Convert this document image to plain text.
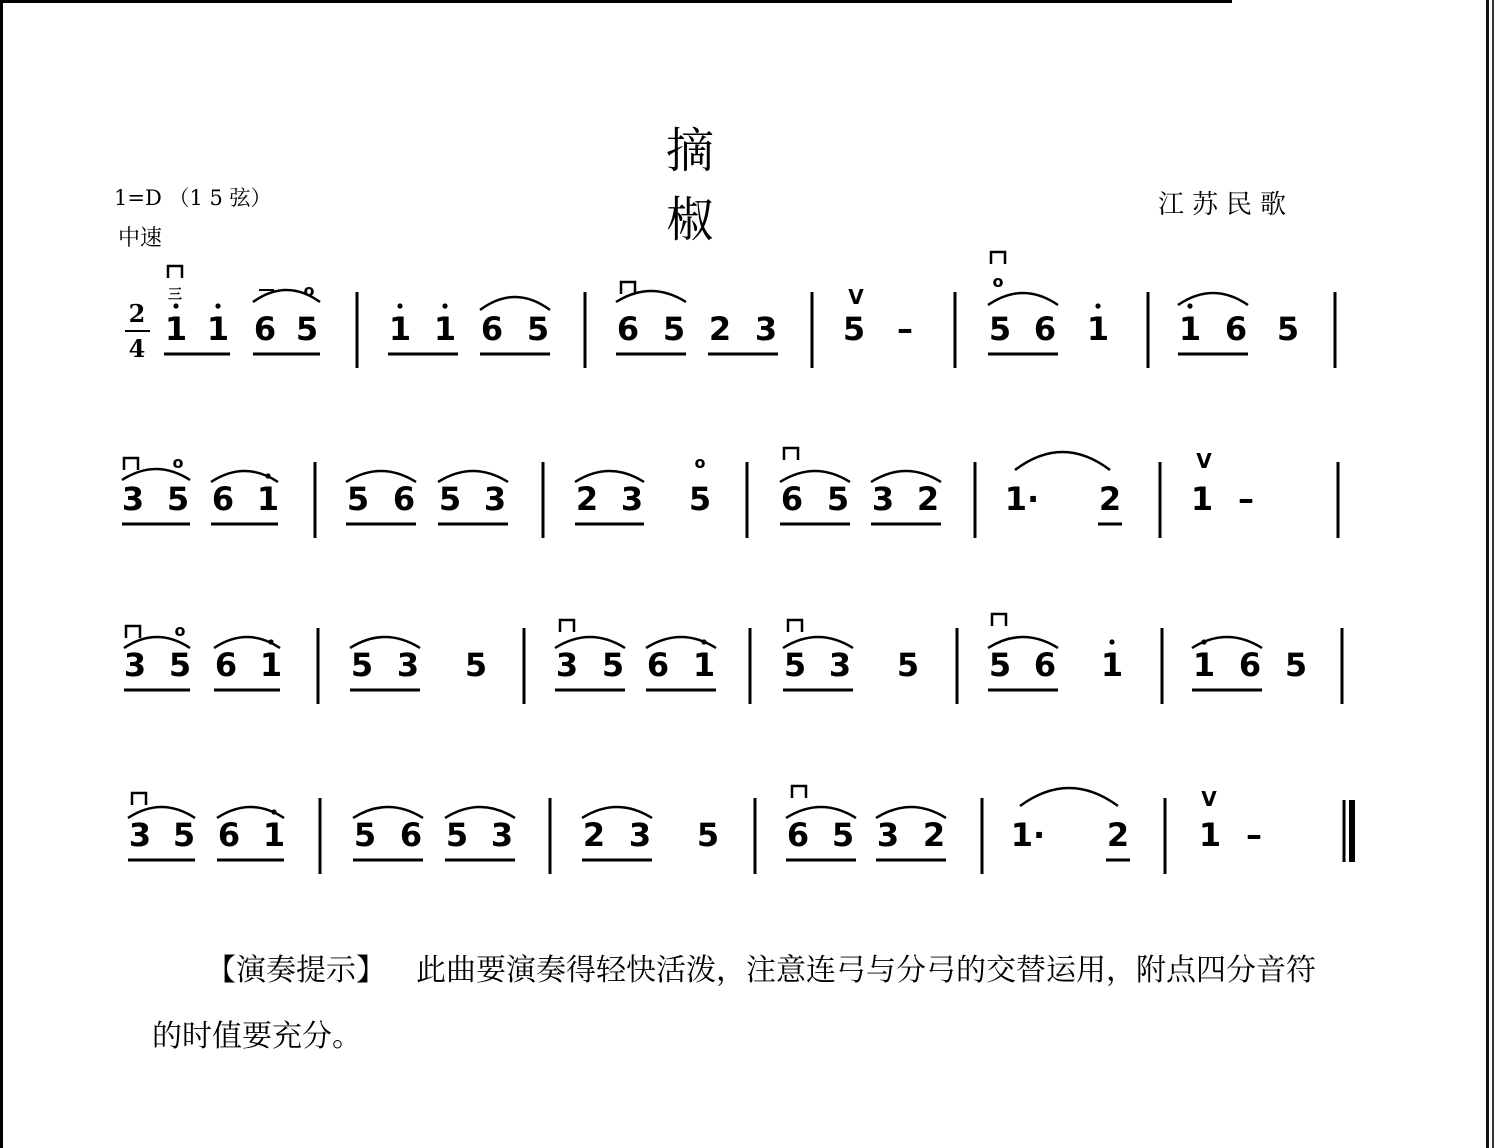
摘　椒
1=D （1 5 弦）
中速
江苏民歌
1 1 6 5 1 1 6 5 6 5 2 3 5 – 5 6 1 1 6 5
3 5 6 1 5 6 5 3 2 3 5 6 5 3 2 1· 2 1 –
3 5 6 1 5 3 5 3 5 6 1 5 3 5 5 6 1 1 6 5
3 5 6 1 5 6 5 3 2 3 5 6 5 3 2 1· 2 1 –
2
4
三	o	V
o
o	o	V
o
V
【演奏提示】 此曲要演奏得轻快活泼，注意连弓与分弓的交替运用，附点四分音符的时值要充分。
